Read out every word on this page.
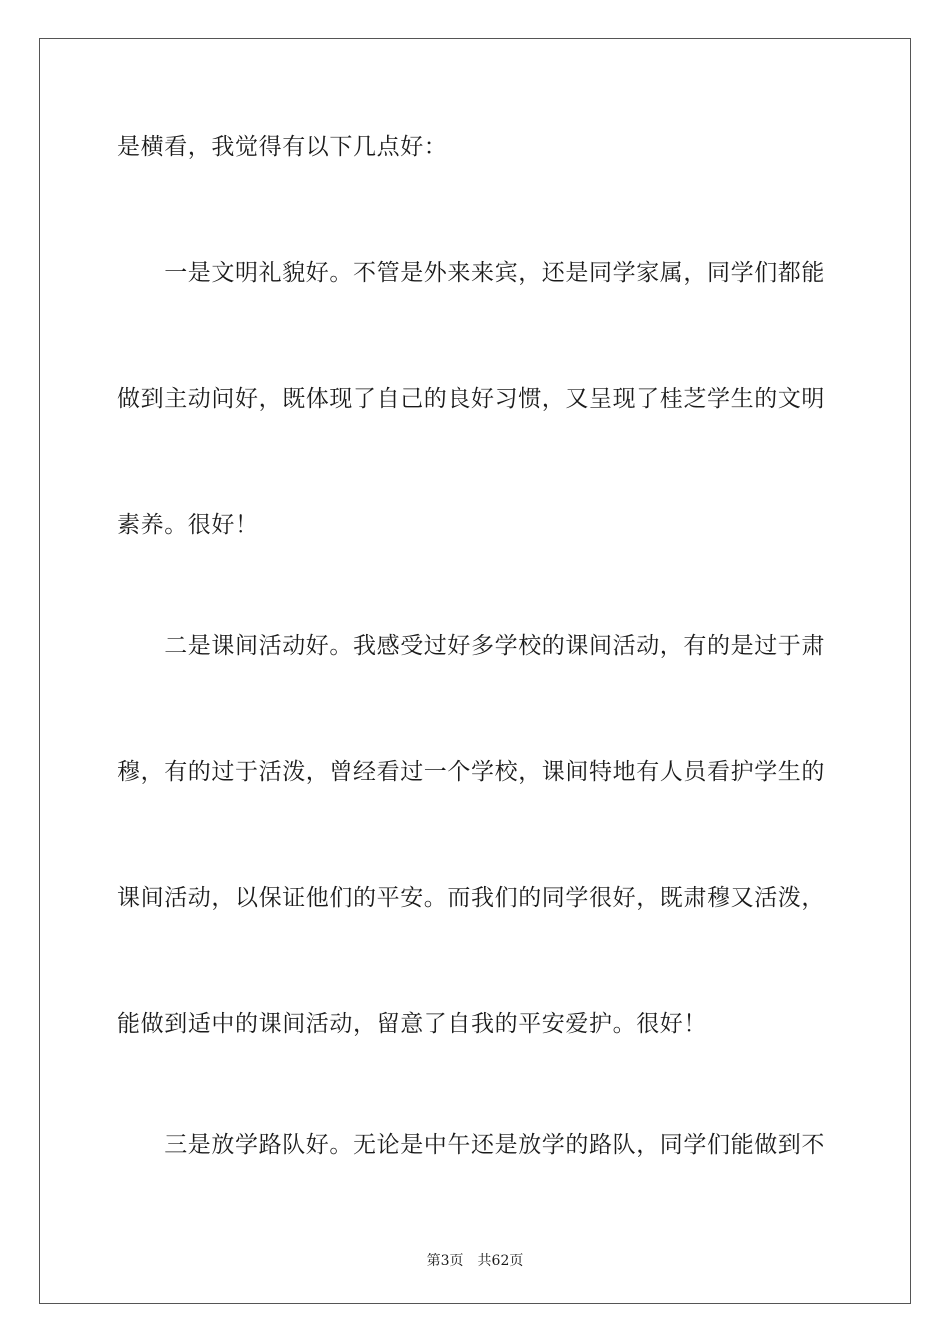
是横看，我觉得有以下几点好：
　　一是文明礼貌好。不管是外来来宾，还是同学家属，同学们都能
做到主动问好，既体现了自己的良好习惯，又呈现了桂芝学生的文明
素养。很好！
　　二是课间活动好。我感受过好多学校的课间活动，有的是过于肃
穆，有的过于活泼，曾经看过一个学校，课间特地有人员看护学生的
课间活动，以保证他们的平安。而我们的同学很好，既肃穆又活泼，
能做到适中的课间活动，留意了自我的平安爱护。很好！
　　三是放学路队好。无论是中午还是放学的路队，同学们能做到不
第3页　共62页
